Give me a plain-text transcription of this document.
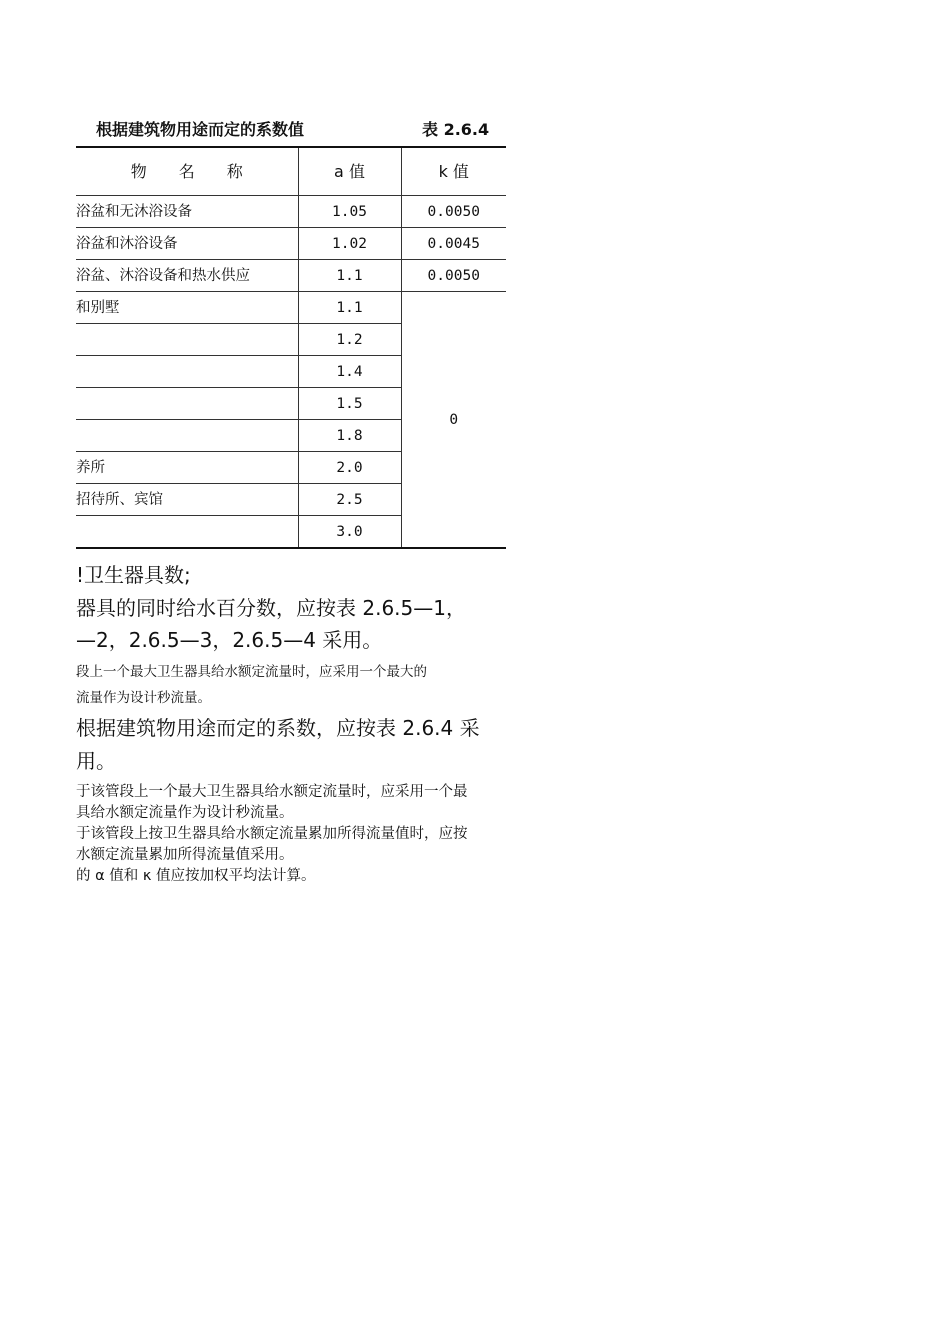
根据建筑物用途而定的系数值	表 2.6.4
物　　名　　称	a 值	k 值
浴盆和无沐浴设备	1.05	0.0050
浴盆和沐浴设备	1.02	0.0045
浴盆、沐浴设备和热水供应	1.1	0.0050
和别墅	1.1	0
	1.2	
	1.4	
	1.5	
	1.8	
养所	2.0	
招待所、宾馆	2.5	
	3.0	
!卫生器具数;
器具的同时给水百分数，应按表 2.6.5—1，
—2，2.6.5—3，2.6.5—4 采用。
段上一个最大卫生器具给水额定流量时，应采用一个最大的
流量作为设计秒流量。
根据建筑物用途而定的系数，应按表 2.6.4 采
用。
于该管段上一个最大卫生器具给水额定流量时，应采用一个最
具给水额定流量作为设计秒流量。
于该管段上按卫生器具给水额定流量累加所得流量值时，应按
水额定流量累加所得流量值采用。
的 α 值和 κ 值应按加权平均法计算。
